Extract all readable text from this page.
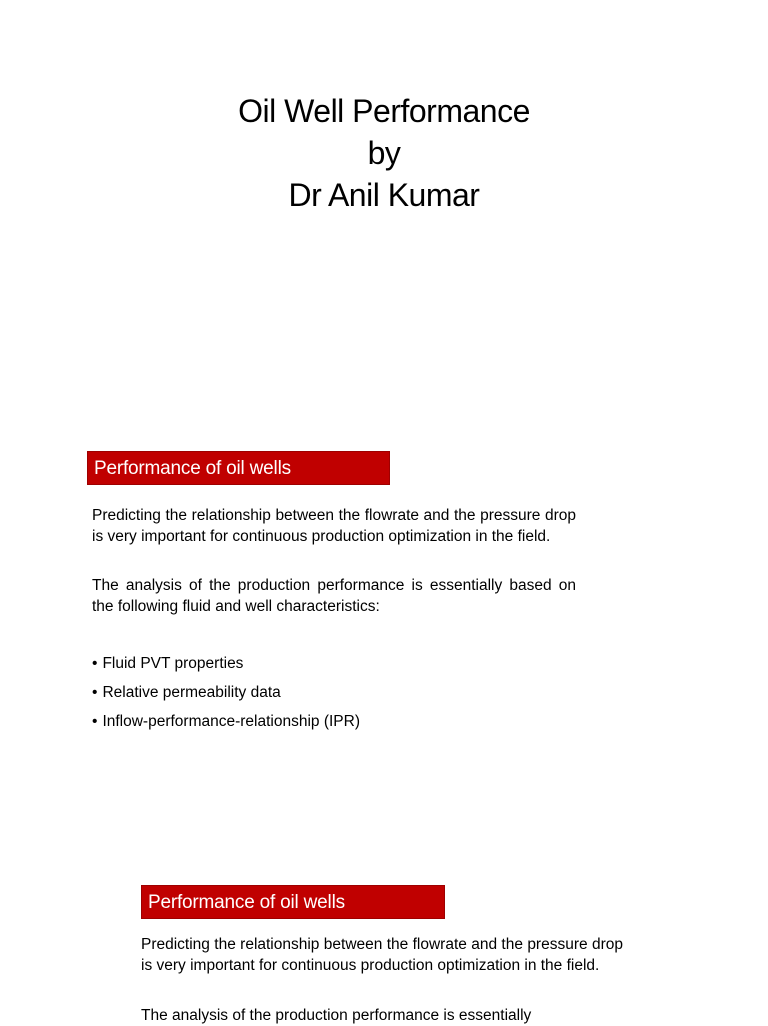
Oil Well Performance
by
Dr Anil Kumar
Performance of oil wells

Predicting the relationship between the flowrate and the pressure drop is very important for continuous production optimization in the field.

The analysis of the production performance is essentially based on the following fluid and well characteristics:

• Fluid PVT properties
• Relative permeability data
• Inflow-performance-relationship (IPR)
Performance of oil wells

Predicting the relationship between the flowrate and the pressure drop is very important for continuous production optimization in the field.

The analysis of the production performance is essentially
